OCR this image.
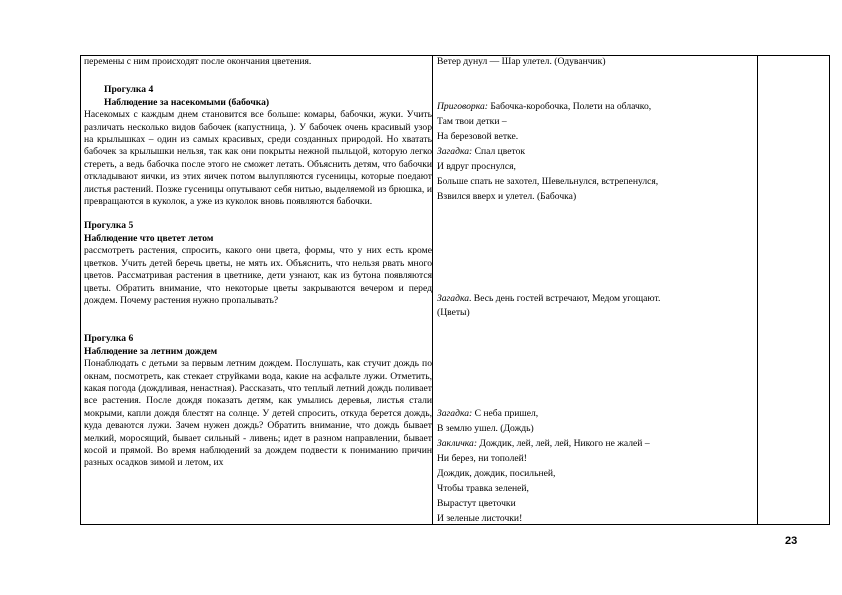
перемены с ним происходят после окончания цветения.

Прогулка 4

Наблюдение за насекомыми (бабочка)

Насекомых с каждым днем становится все больше: комары, бабочки, жуки. Учить различать несколько видов бабочек (капустница, ). У бабочек очень красивый узор на крылышках – один из самых красивых, среди созданных природой. Но хватать бабочек за крылышки нельзя, так как они покрыты нежной пыльцой, которую легко стереть, а ведь бабочка после этого не сможет летать. Объяснить детям, что бабочки откладывают яички, из этих яичек потом вылупляются гусеницы, которые поедают листья растений. Позже гусеницы опутывают себя нитью, выделяемой из брюшка, и превращаются в куколок, а уже из куколок вновь появляются бабочки.

Прогулка 5

Наблюдение что цветет летом

рассмотреть растения, спросить, какого они цвета, формы, что у них есть кроме цветков. Учить детей беречь цветы, не мять их. Объяснить, что нельзя рвать много цветов. Рассматривая растения в цветнике, дети узнают, как из бутона появляются цветы. Обратить внимание, что некоторые цветы закрываются вечером и перед дождем. Почему растения нужно пропалывать?

Прогулка 6

Наблюдение за летним дождем

Понаблюдать с детьми за первым летним дождем. Послушать, как стучит дождь по окнам, посмотреть, как стекает струйками вода, какие на асфальте лужи. Отметить, какая погода (дождливая, ненастная). Рассказать, что теплый летний дождь поливает все растения. После дождя показать детям, как умылись деревья, листья стали мокрыми, капли дождя блестят на солнце. У детей спросить, откуда берется дождь, куда деваются лужи. Зачем нужен дождь? Обратить внимание, что дождь бывает мелкий, моросящий, бывает сильный - ливень; идет в разном направлении, бывает косой и прямой. Во время наблюдений за дождем подвести к пониманию причин разных осадков зимой и летом, их

Ветер дунул — Шар улетел. (Одуванчик)
Приговорка: Бабочка-коробочка, Полети на облачко,
Там твои детки –
На березовой ветке.
Загадка: Спал цветок
И вдруг проснулся,
Больше спать не захотел, Шевельнулся, встрепенулся,
Взвился вверх и улетел. (Бабочка)
Загадка. Весь день гостей встречают, Медом угощают.
(Цветы)
Загадка: С неба пришел,
В землю ушел. (Дождь)
Закличка: Дождик, лей, лей, лей, Никого не жалей –
Ни берез, ни тополей!
Дождик, дождик, посильней,
Чтобы травка зеленей,
Вырастут цветочки
И зеленые листочки!
23
